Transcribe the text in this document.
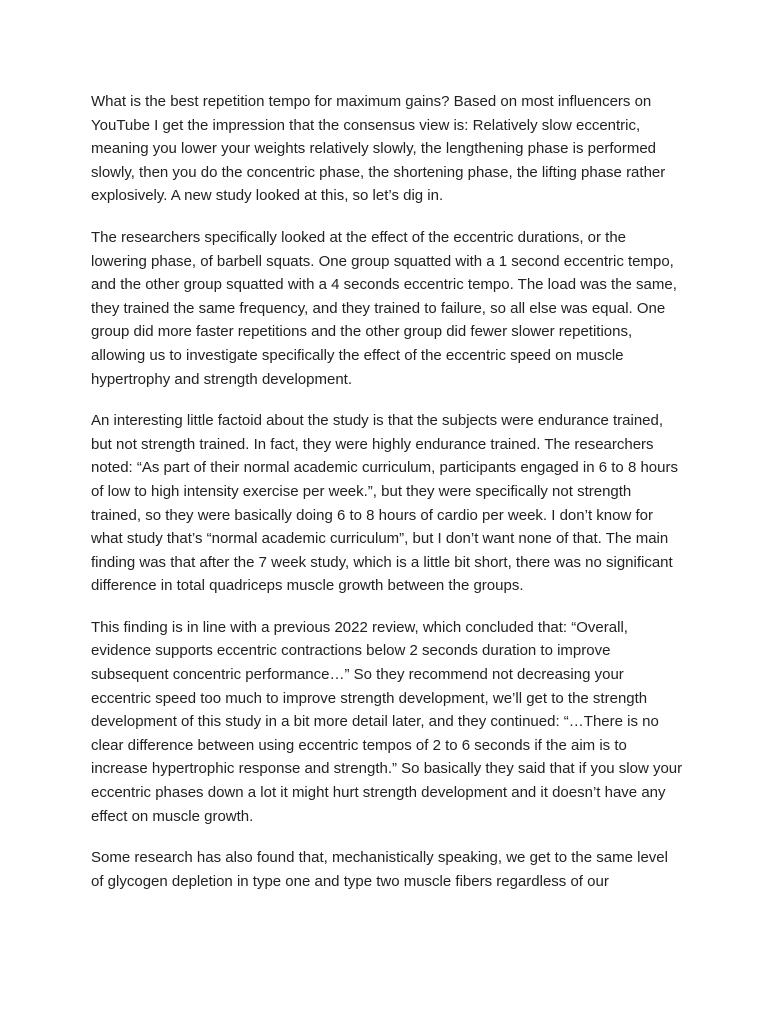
What is the best repetition tempo for maximum gains? Based on most influencers on YouTube I get the impression that the consensus view is: Relatively slow eccentric, meaning you lower your weights relatively slowly, the lengthening phase is performed slowly, then you do the concentric phase, the shortening phase, the lifting phase rather explosively. A new study looked at this, so let’s dig in.

The researchers specifically looked at the effect of the eccentric durations, or the lowering phase, of barbell squats. One group squatted with a 1 second eccentric tempo, and the other group squatted with a 4 seconds eccentric tempo. The load was the same, they trained the same frequency, and they trained to failure, so all else was equal. One group did more faster repetitions and the other group did fewer slower repetitions, allowing us to investigate specifically the effect of the eccentric speed on muscle hypertrophy and strength development.

An interesting little factoid about the study is that the subjects were endurance trained, but not strength trained. In fact, they were highly endurance trained. The researchers noted: “As part of their normal academic curriculum, participants engaged in 6 to 8 hours of low to high intensity exercise per week.”, but they were specifically not strength trained, so they were basically doing 6 to 8 hours of cardio per week. I don’t know for what study that’s “normal academic curriculum”, but I don’t want none of that. The main finding was that after the 7 week study, which is a little bit short, there was no significant difference in total quadriceps muscle growth between the groups.

This finding is in line with a previous 2022 review, which concluded that: “Overall, evidence supports eccentric contractions below 2 seconds duration to improve subsequent concentric performance…” So they recommend not decreasing your eccentric speed too much to improve strength development, we’ll get to the strength development of this study in a bit more detail later, and they continued: “…There is no clear difference between using eccentric tempos of 2 to 6 seconds if the aim is to increase hypertrophic response and strength.” So basically they said that if you slow your eccentric phases down a lot it might hurt strength development and it doesn’t have any effect on muscle growth.

Some research has also found that, mechanistically speaking, we get to the same level of glycogen depletion in type one and type two muscle fibers regardless of our
